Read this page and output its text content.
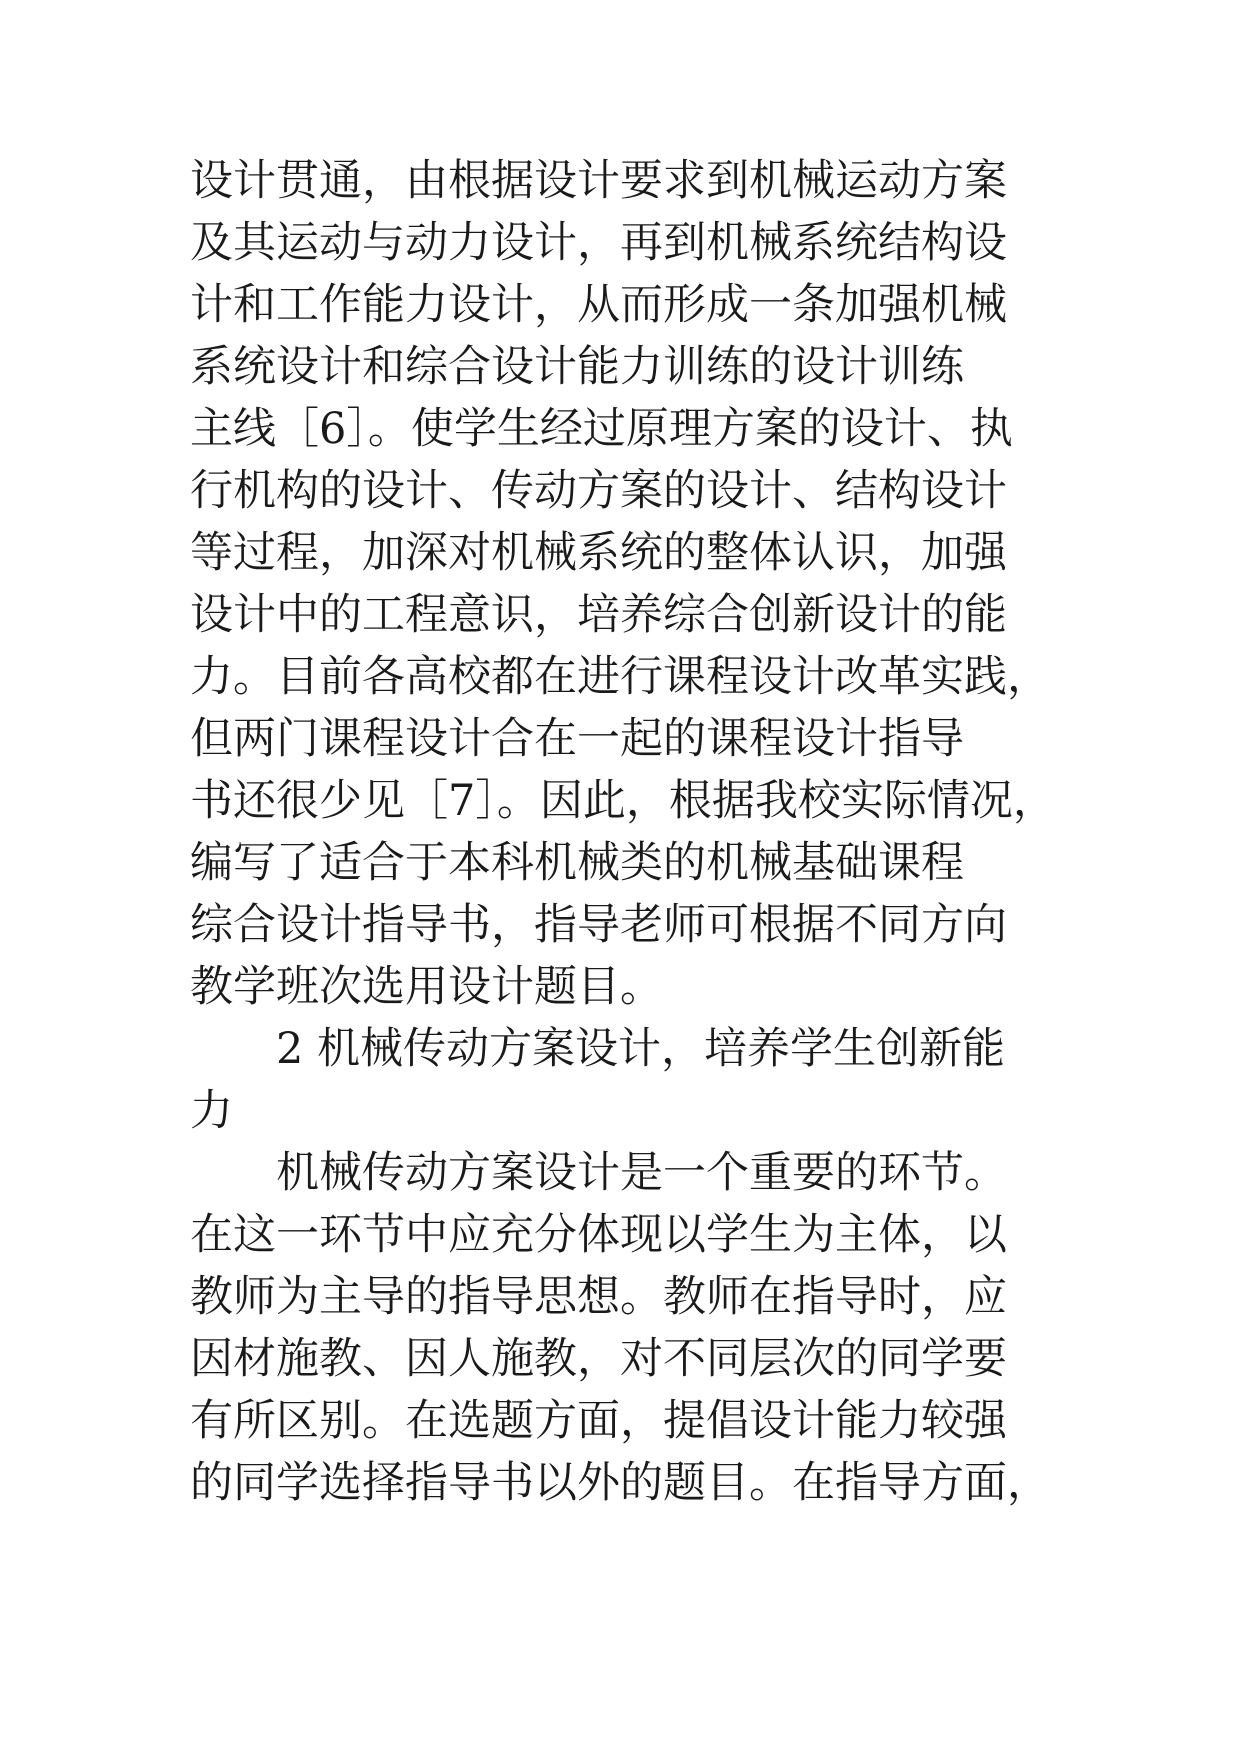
设计贯通，由根据设计要求到机械运动方案
及其运动与动力设计，再到机械系统结构设
计和工作能力设计，从而形成一条加强机械
系统设计和综合设计能力训练的设计训练
主线［6］。使学生经过原理方案的设计、执
行机构的设计、传动方案的设计、结构设计
等过程，加深对机械系统的整体认识，加强
设计中的工程意识，培养综合创新设计的能
力。目前各高校都在进行课程设计改革实践，
但两门课程设计合在一起的课程设计指导
书还很少见［7］。因此，根据我校实际情况，
编写了适合于本科机械类的机械基础课程
综合设计指导书，指导老师可根据不同方向
教学班次选用设计题目。
2 机械传动方案设计，培养学生创新能
力
机械传动方案设计是一个重要的环节。
在这一环节中应充分体现以学生为主体，以
教师为主导的指导思想。教师在指导时，应
因材施教、因人施教，对不同层次的同学要
有所区别。在选题方面，提倡设计能力较强
的同学选择指导书以外的题目。在指导方面，
